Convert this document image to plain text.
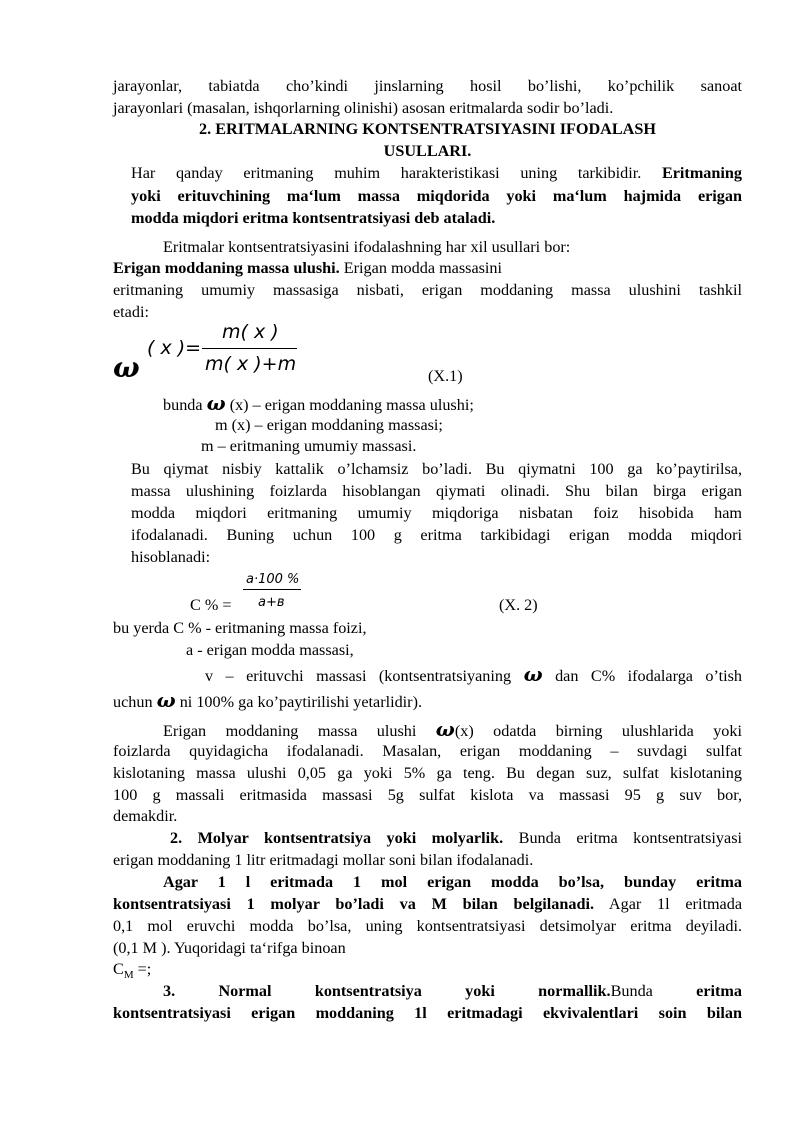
jarayonlar, tabiatda cho’kindi jinslarning hosil bo’lishi, ko’pchilik sanoat
jarayonlari (masalan, ishqorlarning olinishi) asosan eritmalarda sodir bo’ladi.
2. ERITMALARNING KONTSENTRATSIYASINI IFODALASH
USULLARI.
Har qanday eritmaning muhim harakteristikasi uning tarkibidir. Eritmaning
yoki erituvchining ma‘lum massa miqdorida yoki ma‘lum hajmida erigan
modda miqdori eritma kontsentratsiyasi deb ataladi.
Eritmalar kontsentratsiyasini ifodalashning har xil usullari bor:
Erigan moddaning massa ulushi. Erigan modda massasini
eritmaning umumiy massasiga nisbati, erigan moddaning massa ulushini tashkil
etadi:
ω
( x )=
m( x )
m( x )+m
(X.1)
bunda ω (x) – erigan moddaning massa ulushi;
m (x) – erigan moddaning massasi;
m – eritmaning umumiy massasi.
Bu qiymat nisbiy kattalik o’lchamsiz bo’ladi. Bu qiymatni 100 ga ko’paytirilsa,
massa ulushining foizlarda hisoblangan qiymati olinadi. Shu bilan birga erigan
modda miqdori eritmaning umumiy miqdoriga nisbatan foiz hisobida ham
ifodalanadi. Buning uchun 100 g eritma tarkibidagi erigan modda miqdori
hisoblanadi:
a·100 %
a+в
C % =	(X. 2)
bu yerda C % - eritmaning massa foizi,
a - erigan modda massasi,
v – erituvchi massasi (kontsentratsiyaning ω dan C% ifodalarga o’tish
uchun ω ni 100% ga ko’paytirilishi yetarlidir).
Erigan moddaning massa ulushi ω(x) odatda birning ulushlarida yoki
foizlarda quyidagicha ifodalanadi. Masalan, erigan moddaning – suvdagi sulfat
kislotaning massa ulushi 0,05 ga yoki 5% ga teng. Bu degan suz, sulfat kislotaning
100 g massali eritmasida massasi 5g sulfat kislota va massasi 95 g suv bor,
demakdir.
2. Molyar kontsentratsiya yoki molyarlik. Bunda eritma kontsentratsiyasi
erigan moddaning 1 litr eritmadagi mollar soni bilan ifodalanadi.
Agar 1 l eritmada 1 mol erigan modda bo’lsa, bunday eritma
kontsentratsiyasi 1 molyar bo’ladi va M bilan belgilanadi. Agar 1l eritmada
0,1 mol eruvchi modda bo’lsa, uning kontsentratsiyasi detsimolyar eritma deyiladi.
(0,1 M ). Yuqoridagi ta‘rifga binoan
$C_M$ =;
3.	Normal	kontsentratsiya	yoki	normallik.Bunda	eritma
kontsentratsiyasi erigan moddaning 1l eritmadagi ekvivalentlari soin bilan
